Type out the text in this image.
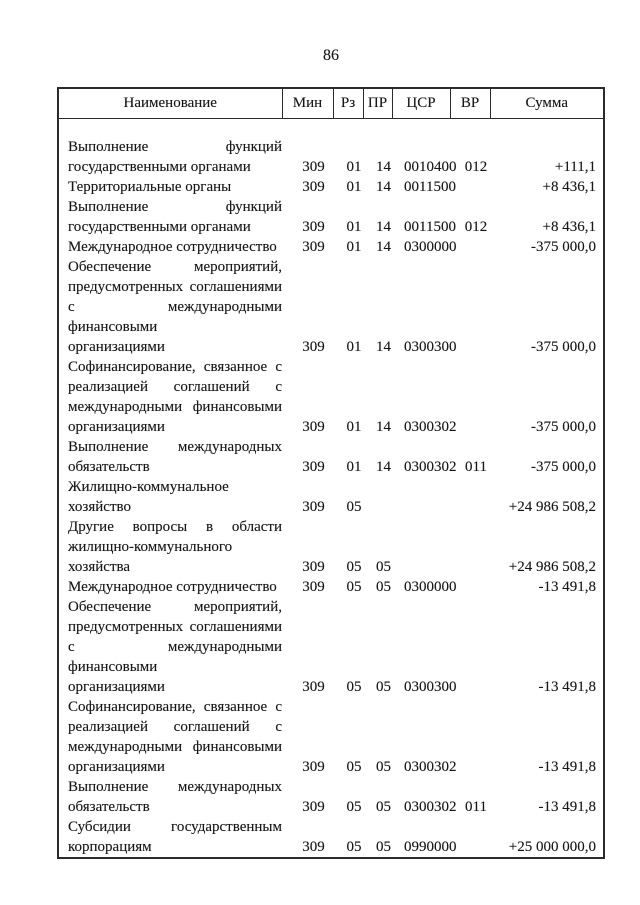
86
Наименование	Мин	Рз	ПР	ЦСР	ВР	Сумма

Выполнение функций
государственными органами	309	01	14	0010400	012	+111,1

Территориальные органы	309	01	14	0011500		+8 436,1

Выполнение функций
государственными органами	309	01	14	0011500	012	+8 436,1

Международное сотрудничество	309	01	14	0300000		-375 000,0

Обеспечение мероприятий,
предусмотренных соглашениями
с международными финансовыми
организациями	309	01	14	0300300		-375 000,0

Софинансирование, связанное с
реализацией соглашений с
международными финансовыми
организациями	309	01	14	0300302		-375 000,0

Выполнение международных
обязательств	309	01	14	0300302	011	-375 000,0

Жилищно-коммунальное
хозяйство	309	05				+24 986 508,2

Другие вопросы в области
жилищно-коммунального
хозяйства	309	05	05			+24 986 508,2

Международное сотрудничество	309	05	05	0300000		-13 491,8

Обеспечение мероприятий,
предусмотренных соглашениями
с международными финансовыми
организациями	309	05	05	0300300		-13 491,8

Софинансирование, связанное с
реализацией соглашений с
международными финансовыми
организациями	309	05	05	0300302		-13 491,8

Выполнение международных
обязательств	309	05	05	0300302	011	-13 491,8

Субсидии государственным
корпорациям	309	05	05	0990000		+25 000 000,0
